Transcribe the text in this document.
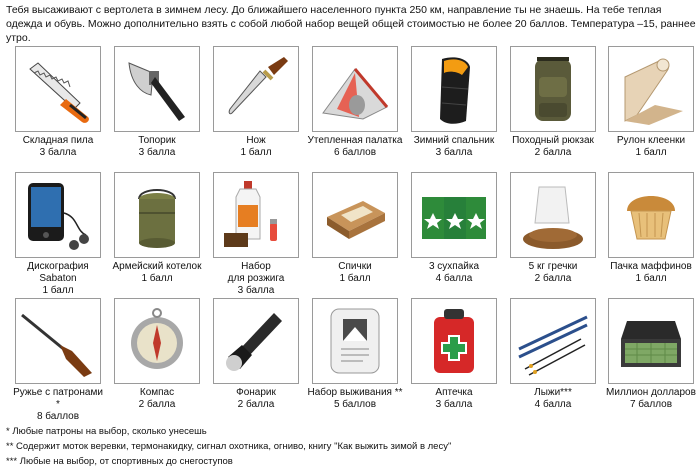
Тебя высаживают с вертолета в зимнем лесу. До ближайшего населенного пункта 250 км, направление ты не знаешь. На тебе теплая одежда и обувь. Можно дополнительно взять с собой любой набор вещей общей стоимостью не более 20 баллов. Температура –15, раннее утро.

Складная пила
3 балла
Топорик
3 балла
Нож
1 балл
Утепленная палатка
6 баллов
Зимний спальник
3 балла
Походный рюкзак
2 балла
Рулон клеенки
1 балл
Дискография
Sabaton
1 балл
Армейский котелок
1 балл
Набор
для розжига
3 балла
Спички
1 балл
3 сухпайка
4 балла
5 кг гречки
2 балла
Пачка маффинов
1 балл
Ружье с патронами *
8 баллов
Компас
2 балла
Фонарик
2 балла
Набор выживания **
5 баллов
Аптечка
3 балла
Лыжи***
4 балла
Миллион долларов
7 баллов

* Любые патроны на выбор, сколько унесешь

** Содержит моток веревки, термонакидку, сигнал охотника, огниво, книгу "Как выжить зимой в лесу"

*** Любые на выбор, от спортивных до снегоступов
